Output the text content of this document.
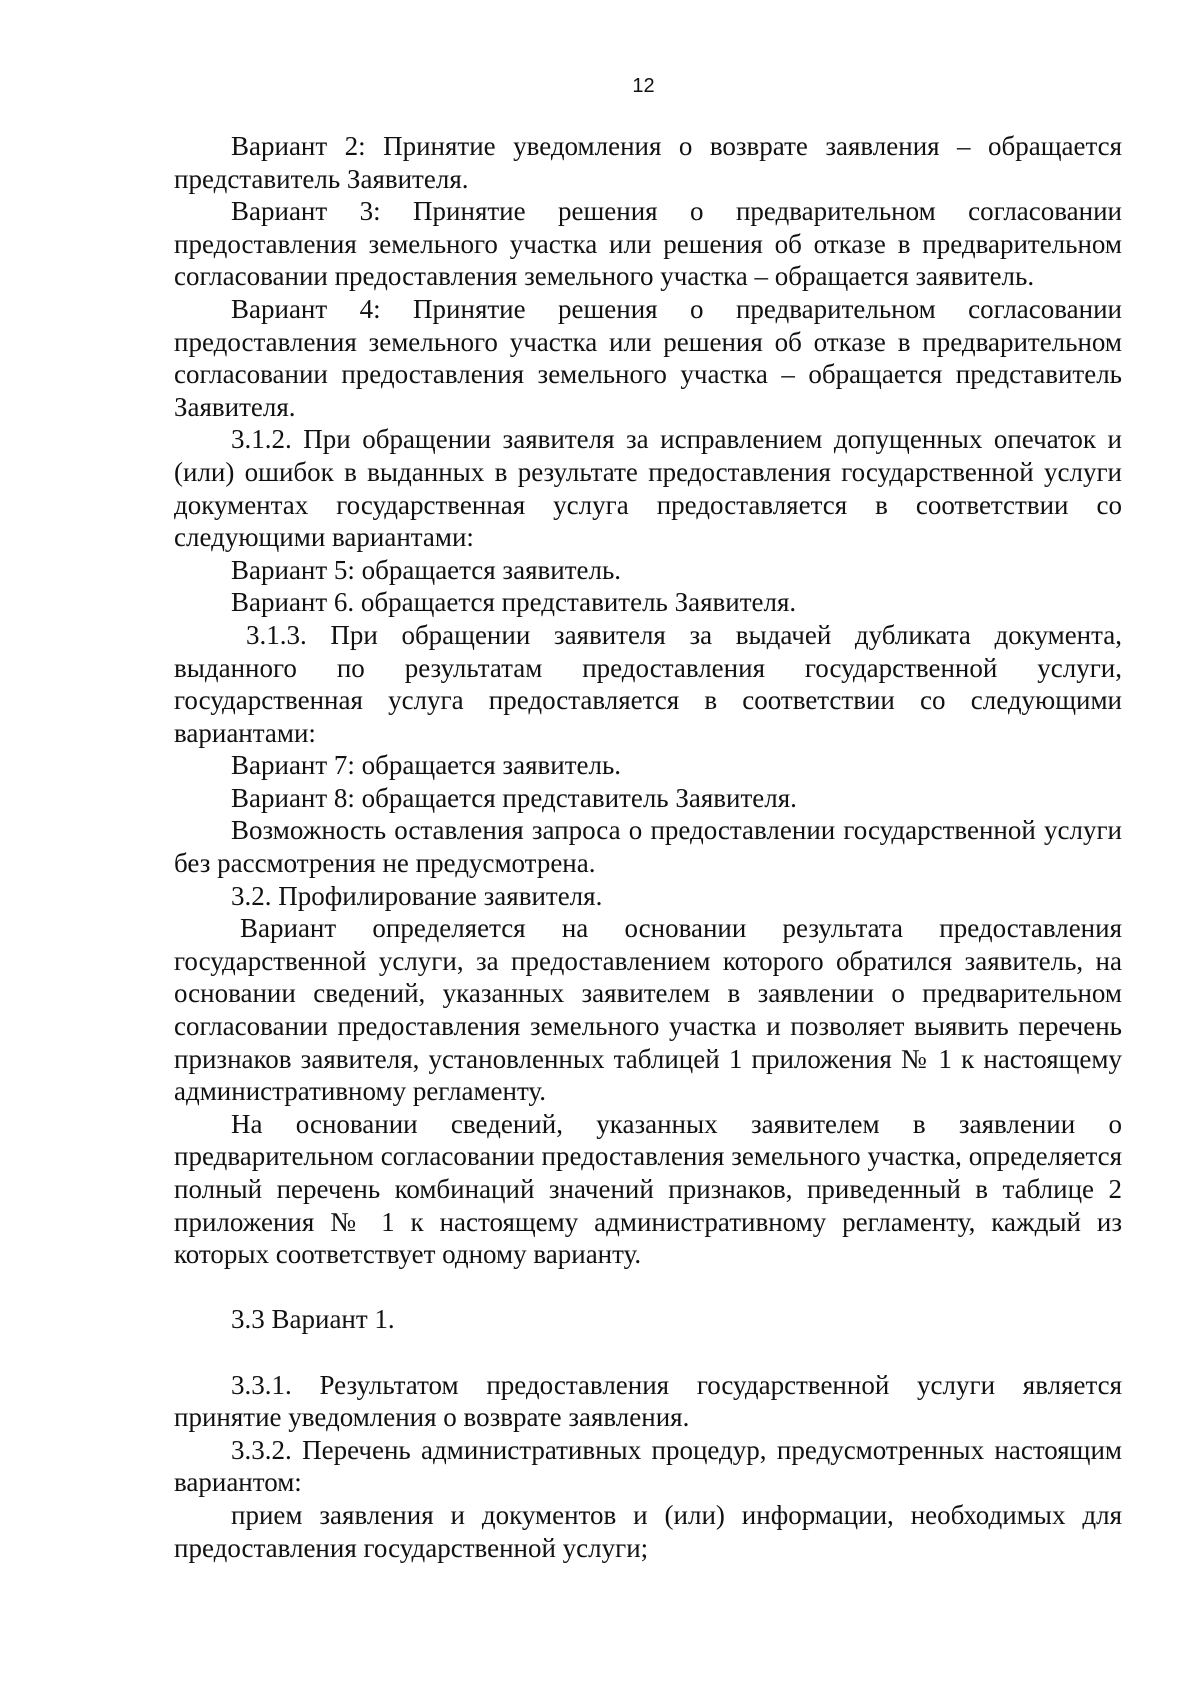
12

Вариант 2: Принятие уведомления о возврате заявления – обращается представитель Заявителя.

Вариант 3: Принятие решения о предварительном согласовании предоставления земельного участка или решения об отказе в предварительном согласовании предоставления земельного участка – обращается заявитель.

Вариант 4: Принятие решения о предварительном согласовании предоставления земельного участка или решения об отказе в предварительном согласовании предоставления земельного участка – обращается представитель Заявителя.

3.1.2. При обращении заявителя за исправлением допущенных опечаток и (или) ошибок в выданных в результате предоставления государственной услуги документах государственная услуга предоставляется в соответствии со следующими вариантами:

Вариант 5: обращается заявитель.

Вариант 6. обращается представитель Заявителя.

3.1.3. При обращении заявителя за выдачей дубликата документа, выданного по результатам предоставления государственной услуги, государственная услуга предоставляется в соответствии со следующими вариантами:

Вариант 7: обращается заявитель.

Вариант 8: обращается представитель Заявителя.

Возможность оставления запроса о предоставлении государственной услуги без рассмотрения не предусмотрена.

3.2. Профилирование заявителя.

Вариант определяется на основании результата предоставления государственной услуги, за предоставлением которого обратился заявитель, на основании сведений, указанных заявителем в заявлении о предварительном согласовании предоставления земельного участка и позволяет выявить перечень признаков заявителя, установленных таблицей 1 приложения № 1 к настоящему административному регламенту.

На основании сведений, указанных заявителем в заявлении о предварительном согласовании предоставления земельного участка, определяется полный перечень комбинаций значений признаков, приведенный в таблице 2 приложения № 1 к настоящему административному регламенту, каждый из которых соответствует одному варианту.

3.3 Вариант 1.

3.3.1. Результатом предоставления государственной услуги является принятие уведомления о возврате заявления.

3.3.2. Перечень административных процедур, предусмотренных настоящим вариантом:

прием заявления и документов и (или) информации, необходимых для предоставления государственной услуги;
